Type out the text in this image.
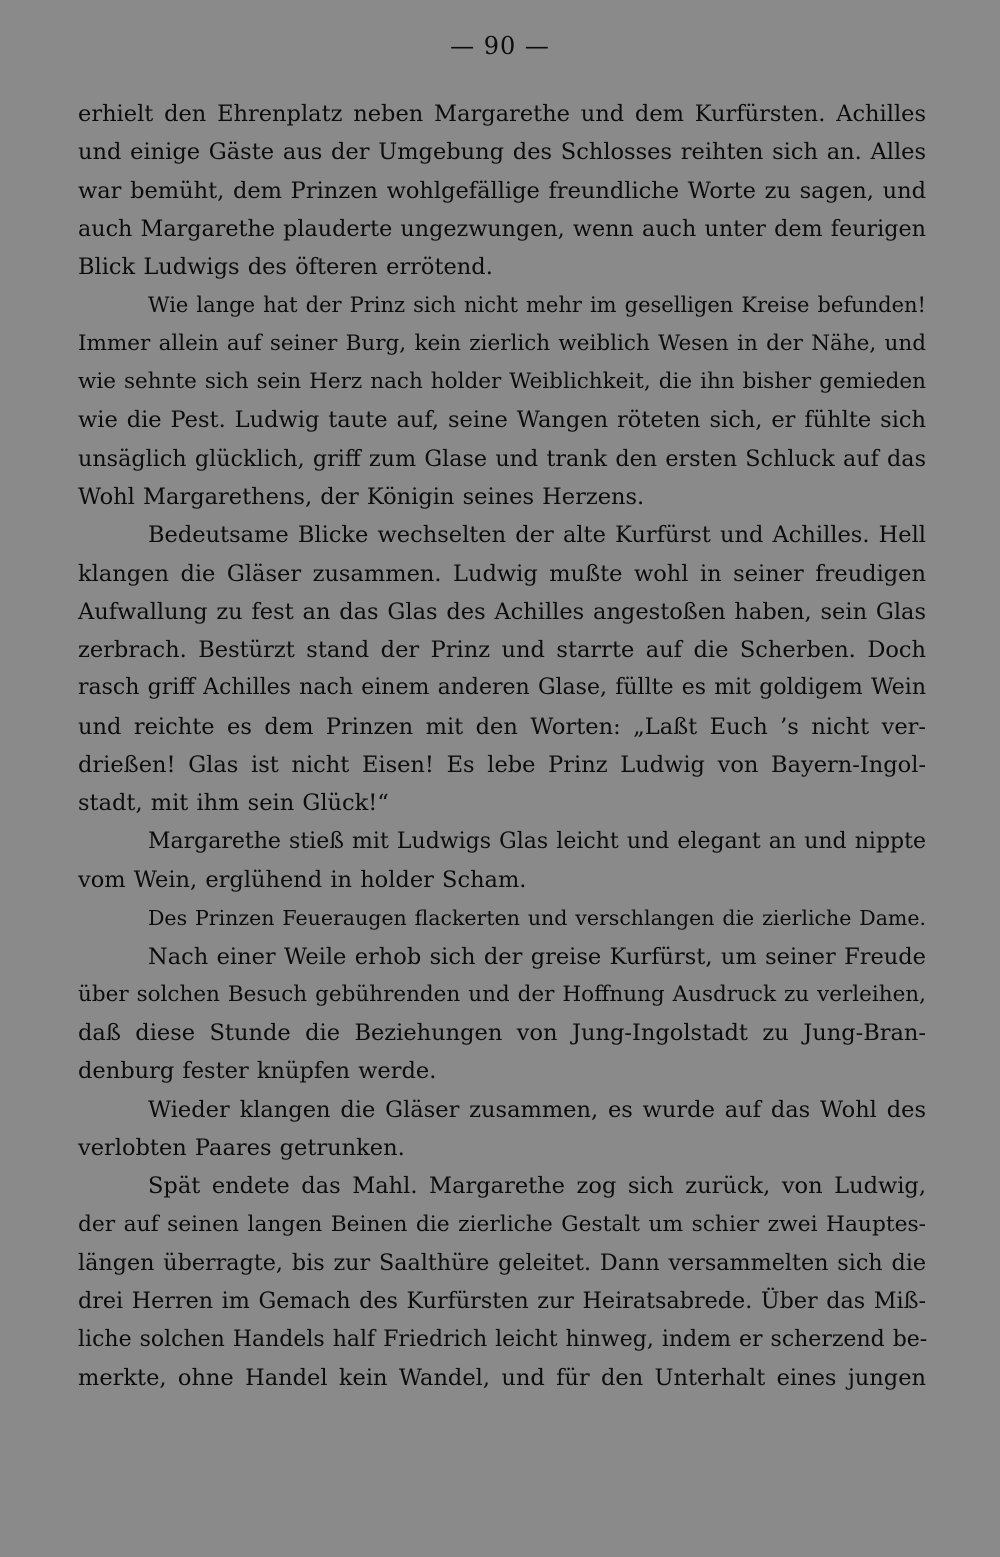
— 90 —
erhielt den Ehrenplatz neben Margarethe und dem Kurfürsten. Achilles
und einige Gäste aus der Umgebung des Schlosses reihten sich an. Alles
war bemüht, dem Prinzen wohlgefällige freundliche Worte zu sagen, und
auch Margarethe plauderte ungezwungen, wenn auch unter dem feurigen
Blick Ludwigs des öfteren errötend.
Wie lange hat der Prinz sich nicht mehr im geselligen Kreise befunden!
Immer allein auf seiner Burg, kein zierlich weiblich Wesen in der Nähe, und
wie sehnte sich sein Herz nach holder Weiblichkeit, die ihn bisher gemieden
wie die Pest. Ludwig taute auf, seine Wangen röteten sich, er fühlte sich
unsäglich glücklich, griff zum Glase und trank den ersten Schluck auf das
Wohl Margarethens, der Königin seines Herzens.
Bedeutsame Blicke wechselten der alte Kurfürst und Achilles. Hell
klangen die Gläser zusammen. Ludwig mußte wohl in seiner freudigen
Aufwallung zu fest an das Glas des Achilles angestoßen haben, sein Glas
zerbrach. Bestürzt stand der Prinz und starrte auf die Scherben. Doch
rasch griff Achilles nach einem anderen Glase, füllte es mit goldigem Wein
und reichte es dem Prinzen mit den Worten: „Laßt Euch ’s nicht ver-
drießen! Glas ist nicht Eisen! Es lebe Prinz Ludwig von Bayern-Ingol-
stadt, mit ihm sein Glück!“
Margarethe stieß mit Ludwigs Glas leicht und elegant an und nippte
vom Wein, erglühend in holder Scham.
Des Prinzen Feueraugen flackerten und verschlangen die zierliche Dame.
Nach einer Weile erhob sich der greise Kurfürst, um seiner Freude
über solchen Besuch gebührenden und der Hoffnung Ausdruck zu verleihen,
daß diese Stunde die Beziehungen von Jung-Ingolstadt zu Jung-Bran-
denburg fester knüpfen werde.
Wieder klangen die Gläser zusammen, es wurde auf das Wohl des
verlobten Paares getrunken.
Spät endete das Mahl. Margarethe zog sich zurück, von Ludwig,
der auf seinen langen Beinen die zierliche Gestalt um schier zwei Hauptes-
längen überragte, bis zur Saalthüre geleitet. Dann versammelten sich die
drei Herren im Gemach des Kurfürsten zur Heiratsabrede. Über das Miß-
liche solchen Handels half Friedrich leicht hinweg, indem er scherzend be-
merkte, ohne Handel kein Wandel, und für den Unterhalt eines jungen
